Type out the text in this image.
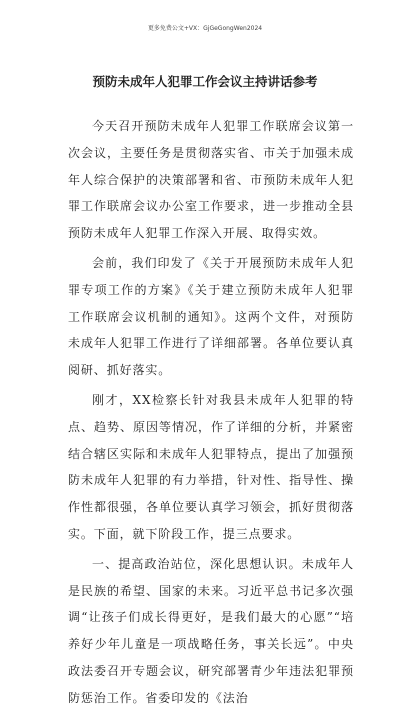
更多免费公文+VX：GjGeGongWen2024
预防未成年人犯罪工作会议主持讲话参考

今天召开预防未成年人犯罪工作联席会议第一次会议，主要任务是贯彻落实省、市关于加强未成年人综合保护的决策部署和省、市预防未成年人犯罪工作联席会议办公室工作要求，进一步推动全县预防未成年人犯罪工作深入开展、取得实效。

会前，我们印发了《关于开展预防未成年人犯罪专项工作的方案》《关于建立预防未成年人犯罪工作联席会议机制的通知》。这两个文件，对预防未成年人犯罪工作进行了详细部署。各单位要认真阅研、抓好落实。

刚才，XX检察长针对我县未成年人犯罪的特点、趋势、原因等情况，作了详细的分析，并紧密结合辖区实际和未成年人犯罪特点，提出了加强预防未成年人犯罪的有力举措，针对性、指导性、操作性都很强，各单位要认真学习领会，抓好贯彻落实。下面，就下阶段工作，提三点要求。

一、提高政治站位，深化思想认识。未成年人是民族的希望、国家的未来。习近平总书记多次强调“让孩子们成长得更好，是我们最大的心愿”“培养好少年儿童是一项战略任务，事关长远”。中央政法委召开专题会议，研究部署青少年违法犯罪预防惩治工作。省委印发的《法治
